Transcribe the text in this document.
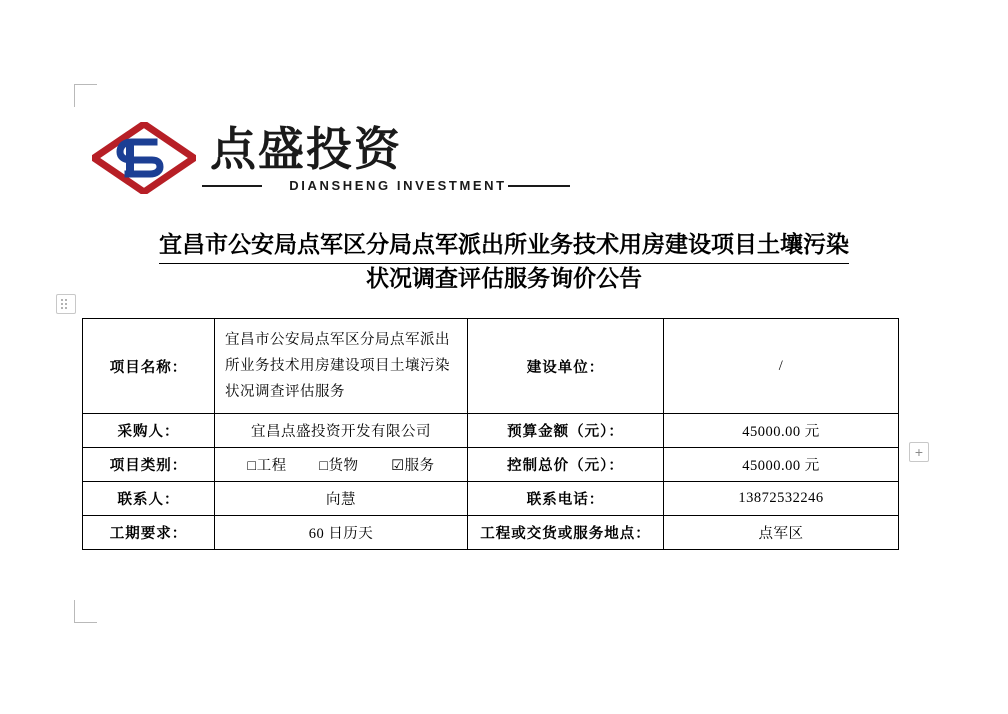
点盛投资
DIANSHENG INVESTMENT
宜昌市公安局点军区分局点军派出所业务技术用房建设项目土壤污染
状况调查评估服务询价公告
项目名称：	宜昌市公安局点军区分局点军派出所业务技术用房建设项目土壤污染状况调查评估服务	建设单位：	/
采购人：	宜昌点盛投资开发有限公司	预算金额（元）：	45000.00 元
项目类别：	□工程 □货物 ☑服务	控制总价（元）：	45000.00 元
联系人：	向慧	联系电话：	13872532246
工期要求：	60 日历天	工程或交货或服务地点：	点军区
+
